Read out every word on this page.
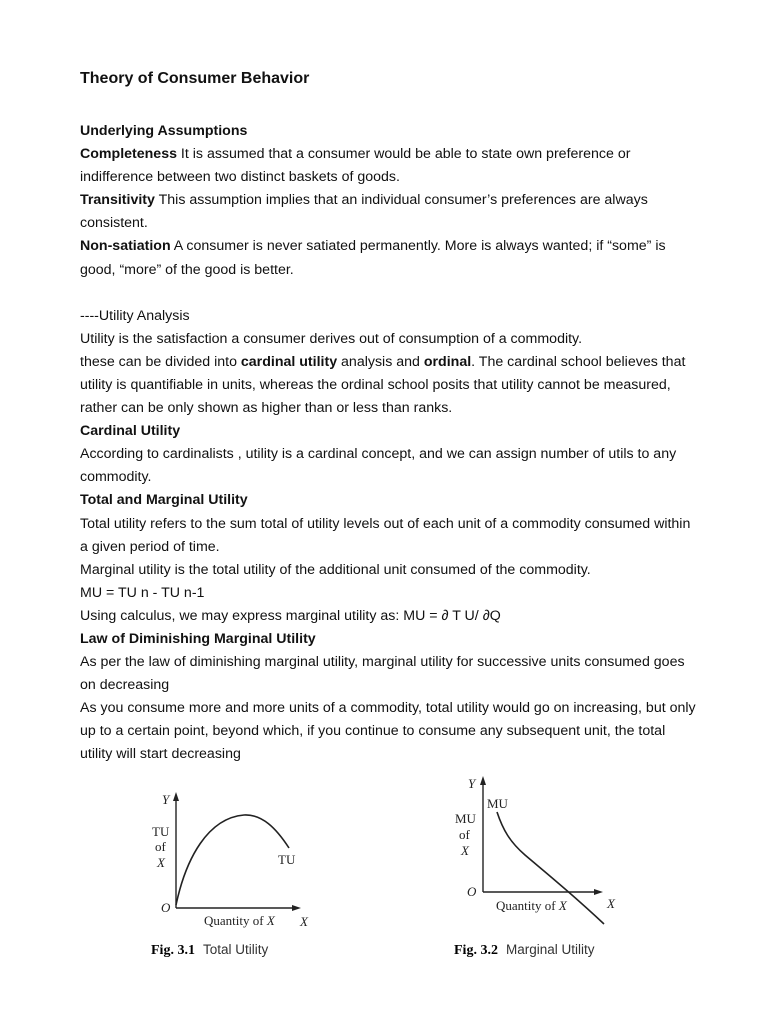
Theory of Consumer Behavior

Underlying Assumptions

Completeness It is assumed that a consumer would be able to state own preference or indifference between two distinct baskets of goods.

Transitivity This assumption implies that an individual consumer’s preferences are always consistent.

Non-satiation A consumer is never satiated permanently. More is always wanted; if “some” is good, “more” of the good is better.

----Utility Analysis

Utility is the satisfaction a consumer derives out of consumption of a commodity.

these can be divided into cardinal utility analysis and ordinal. The cardinal school believes that utility is quantifiable in units, whereas the ordinal school posits that utility cannot be measured, rather can be only shown as higher than or less than ranks.

Cardinal Utility

According to cardinalists , utility is a cardinal concept, and we can assign number of utils to any commodity.

Total and Marginal Utility

Total utility refers to the sum total of utility levels out of each unit of a commodity consumed within a given period of time.

Marginal utility is the total utility of the additional unit consumed of the commodity.

MU = TU n - TU n-1

Using calculus, we may express marginal utility as: MU = ∂ T U/ ∂Q

Law of Diminishing Marginal Utility

As per the law of diminishing marginal utility, marginal utility for successive units consumed goes on decreasing

As you consume more and more units of a commodity, total utility would go on increasing, but only up to a certain point, beyond which, if you continue to consume any subsequent unit, the total utility will start decreasing

Y
TU
of
X
O
TU
Quantity of X X
Y
MU
MU
of
X
O
Quantity of X	X
Fig. 3.1 Total Utility	Fig. 3.2 Marginal Utility
